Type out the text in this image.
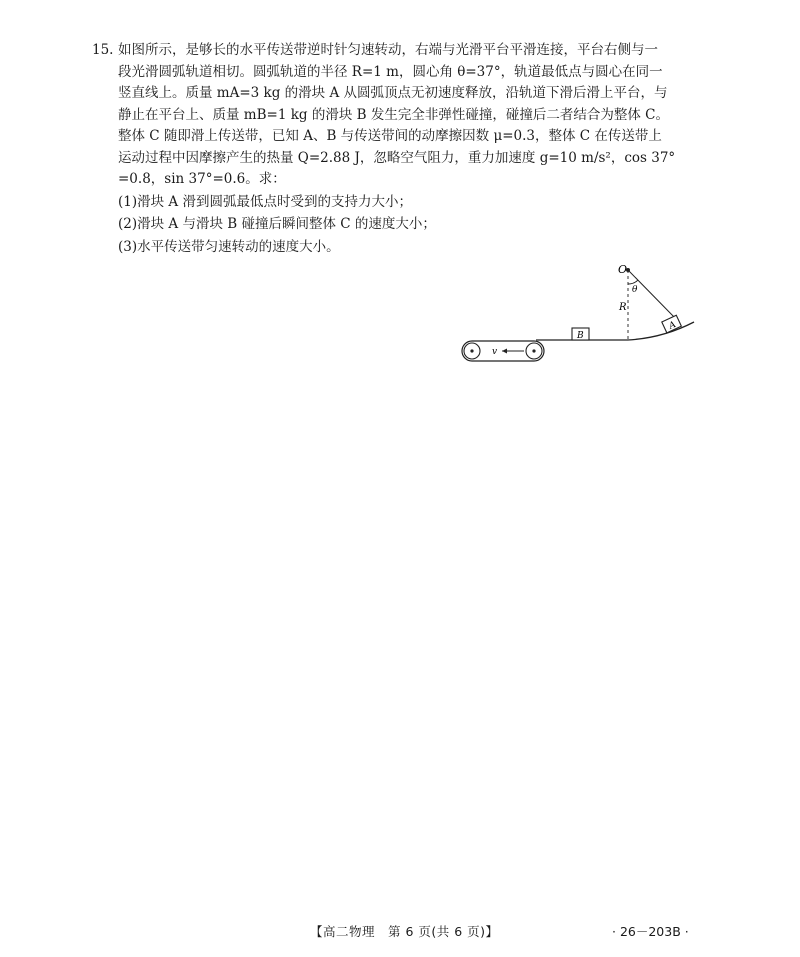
15. 如图所示，是够长的水平传送带逆时针匀速转动，右端与光滑平台平滑连接，平台右侧与一
段光滑圆弧轨道相切。圆弧轨道的半径 R=1 m，圆心角 θ=37°，轨道最低点与圆心在同一
竖直线上。质量 mA=3 kg 的滑块 A 从圆弧顶点无初速度释放，沿轨道下滑后滑上平台，与
静止在平台上、质量 mB=1 kg 的滑块 B 发生完全非弹性碰撞，碰撞后二者结合为整体 C。
整体 C 随即滑上传送带，已知 A、B 与传送带间的动摩擦因数 μ=0.3，整体 C 在传送带上
运动过程中因摩擦产生的热量 Q=2.88 J，忽略空气阻力，重力加速度 g=10 m/s²，cos 37°
=0.8，sin 37°=0.6。求：
(1)滑块 A 滑到圆弧最低点时受到的支持力大小；
(2)滑块 A 与滑块 B 碰撞后瞬间整体 C 的速度大小；
(3)水平传送带匀速转动的速度大小。
O
θ
R
A
B
v
【高二物理　第 6 页(共 6 页)】	· 26－203B ·
